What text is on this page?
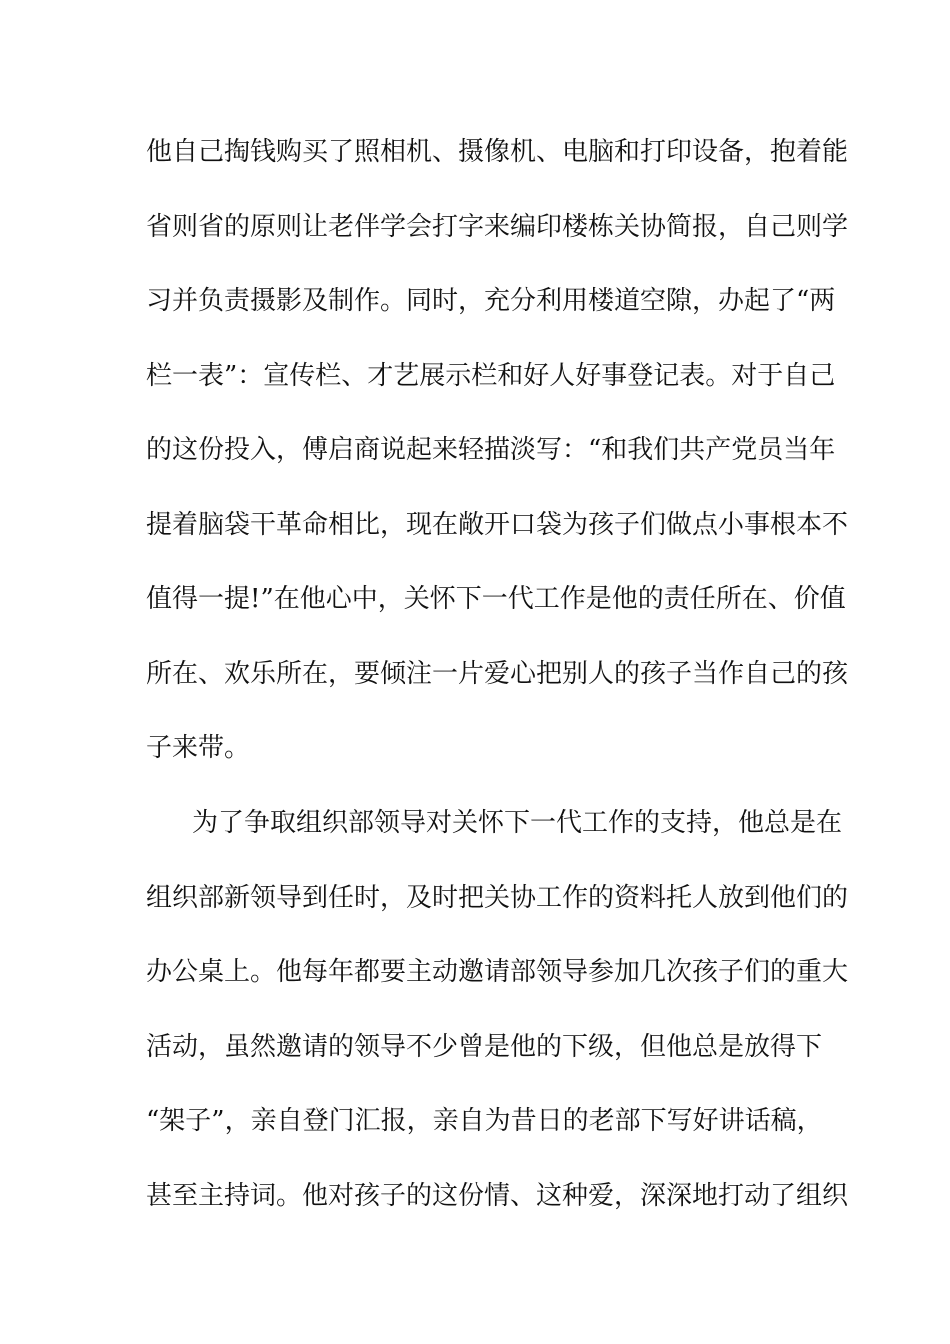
他自己掏钱购买了照相机、摄像机、电脑和打印设备，抱着能
省则省的原则让老伴学会打字来编印楼栋关协简报，自己则学
习并负责摄影及制作。同时，充分利用楼道空隙，办起了“两
栏一表”：宣传栏、才艺展示栏和好人好事登记表。对于自己
的这份投入，傅启商说起来轻描淡写：“和我们共产党员当年
提着脑袋干革命相比，现在敞开口袋为孩子们做点小事根本不
值得一提!”在他心中，关怀下一代工作是他的责任所在、价值
所在、欢乐所在，要倾注一片爱心把别人的孩子当作自己的孩
子来带。
为了争取组织部领导对关怀下一代工作的支持，他总是在
组织部新领导到任时，及时把关协工作的资料托人放到他们的
办公桌上。他每年都要主动邀请部领导参加几次孩子们的重大
活动，虽然邀请的领导不少曾是他的下级，但他总是放得下
“架子”，亲自登门汇报，亲自为昔日的老部下写好讲话稿，
甚至主持词。他对孩子的这份情、这种爱，深深地打动了组织
